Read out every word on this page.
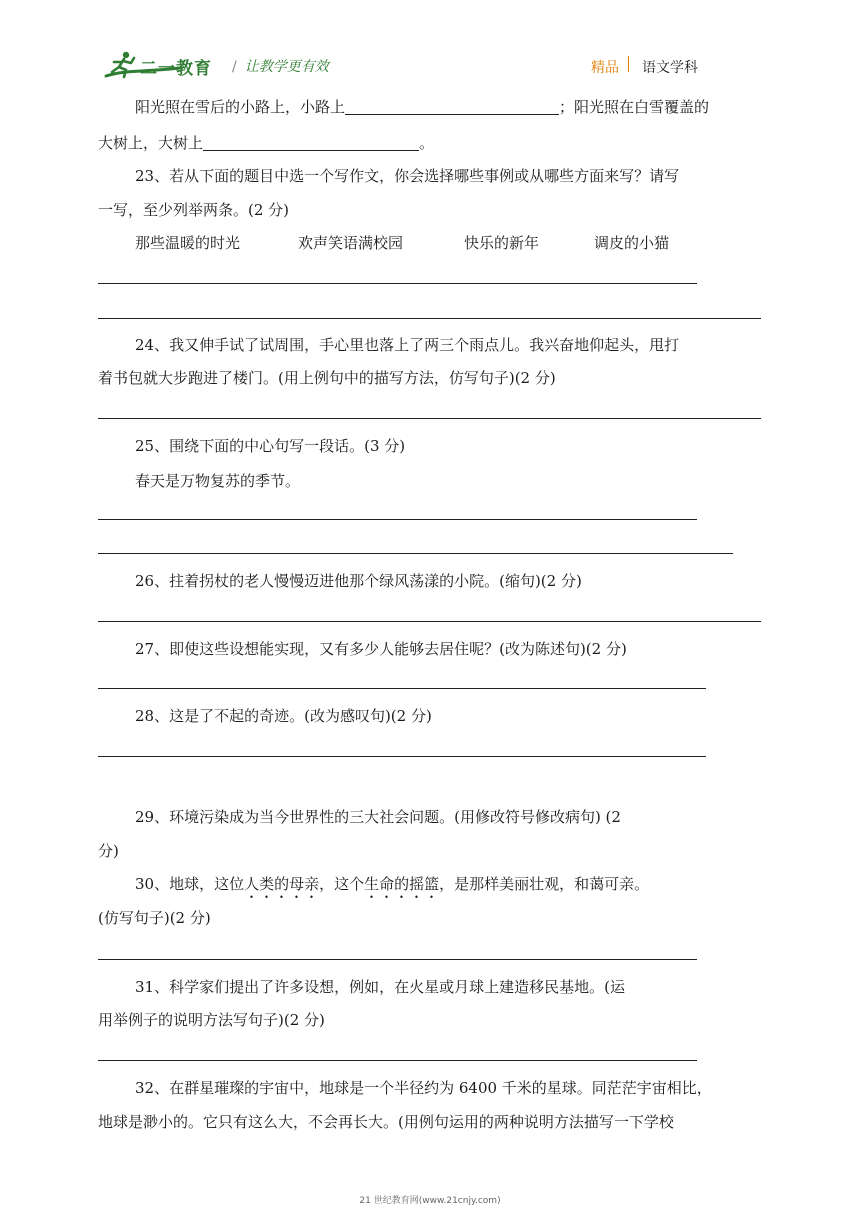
二一教育 / 让教学更有效	精品 语文学科
阳光照在雪后的小路上，小路上	；阳光照在白雪覆盖的
大树上，大树上	。
23、若从下面的题目中选一个写作文，你会选择哪些事例或从哪些方面来写？请写
一写，至少列举两条。(2 分)
那些温暖的时光	欢声笑语满校园	快乐的新年	调皮的小猫
24、我又伸手试了试周围，手心里也落上了两三个雨点儿。我兴奋地仰起头，甩打
着书包就大步跑进了楼门。(用上例句中的描写方法，仿写句子)(2 分)
25、围绕下面的中心句写一段话。(3 分)
春天是万物复苏的季节。
26、拄着拐杖的老人慢慢迈进他那个绿风荡漾的小院。(缩句)(2 分)
27、即使这些设想能实现，又有多少人能够去居住呢？(改为陈述句)(2 分)
28、这是了不起的奇迹。(改为感叹句)(2 分)
29、环境污染成为当今世界性的三大社会问题。(用修改符号修改病句) (2
分)
30、地球，这位人类的母亲，这个生命的摇篮，是那样美丽壮观，和蔼可亲。
(仿写句子)(2 分)
31、科学家们提出了许多设想，例如，在火星或月球上建造移民基地。(运
用举例子的说明方法写句子)(2 分)
32、在群星璀璨的宇宙中，地球是一个半径约为 6400 千米的星球。同茫茫宇宙相比，
地球是渺小的。它只有这么大，不会再长大。(用例句运用的两种说明方法描写一下学校
21 世纪教育网(www.21cnjy.com)
